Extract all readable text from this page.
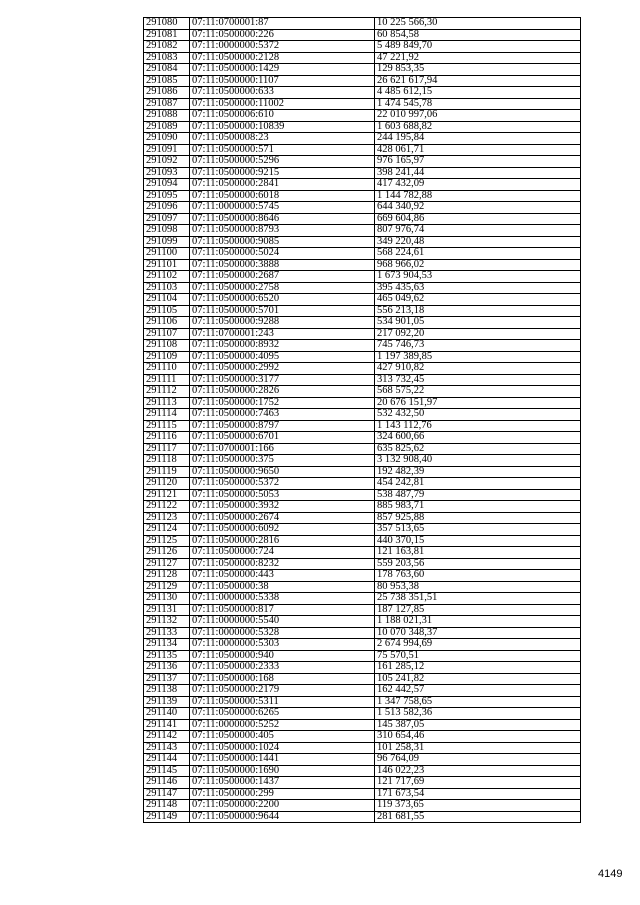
291080	07:11:0700001:87	10 225 566,30
291081	07:11:0500000:226	60 854,58
291082	07:11:0000000:5372	5 489 849,70
291083	07:11:0500000:2128	47 221,92
291084	07:11:0500000:1429	129 853,35
291085	07:11:0500000:1107	26 621 617,94
291086	07:11:0500000:633	4 485 612,15
291087	07:11:0500000:11002	1 474 545,78
291088	07:11:0500006:610	22 010 997,06
291089	07:11:0500000:10839	1 603 688,82
291090	07:11:0500008:23	244 195,84
291091	07:11:0500000:571	428 061,71
291092	07:11:0500000:5296	976 165,97
291093	07:11:0500000:9215	398 241,44
291094	07:11:0500000:2841	417 432,09
291095	07:11:0500000:6018	1 144 782,88
291096	07:11:0000000:5745	644 340,92
291097	07:11:0500000:8646	669 604,86
291098	07:11:0500000:8793	807 976,74
291099	07:11:0500000:9085	349 220,48
291100	07:11:0500000:5024	568 224,61
291101	07:11:0500000:3888	968 966,02
291102	07:11:0500000:2687	1 673 904,53
291103	07:11:0500000:2758	395 435,63
291104	07:11:0500000:6520	465 049,62
291105	07:11:0500000:5701	556 213,18
291106	07:11:0500000:9288	534 901,05
291107	07:11:0700001:243	217 092,20
291108	07:11:0500000:8932	745 746,73
291109	07:11:0500000:4095	1 197 389,85
291110	07:11:0500000:2992	427 910,82
291111	07:11:0500000:3177	313 732,45
291112	07:11:0500000:2826	568 575,22
291113	07:11:0500000:1752	20 676 151,97
291114	07:11:0500000:7463	532 432,50
291115	07:11:0500000:8797	1 143 112,76
291116	07:11:0500000:6701	324 600,66
291117	07:11:0700001:166	635 825,62
291118	07:11:0500000:375	3 132 908,40
291119	07:11:0500000:9650	192 482,39
291120	07:11:0500000:5372	454 242,81
291121	07:11:0500000:5053	538 487,79
291122	07:11:0500000:3932	885 983,71
291123	07:11:0500000:2674	857 925,88
291124	07:11:0500000:6092	357 513,65
291125	07:11:0500000:2816	440 370,15
291126	07:11:0500000:724	121 163,81
291127	07:11:0500000:8232	559 203,56
291128	07:11:0500000:443	178 763,60
291129	07:11:0500000:38	80 953,38
291130	07:11:0000000:5338	25 738 351,51
291131	07:11:0500000:817	187 127,85
291132	07:11:0000000:5540	1 188 021,31
291133	07:11:0000000:5328	10 070 348,37
291134	07:11:0000000:5303	2 674 994,69
291135	07:11:0500000:940	75 570,51
291136	07:11:0500000:2333	161 285,12
291137	07:11:0500000:168	105 241,82
291138	07:11:0500000:2179	162 442,57
291139	07:11:0500000:5311	1 347 758,65
291140	07:11:0500000:6265	1 513 582,36
291141	07:11:0000000:5252	145 387,05
291142	07:11:0500000:405	310 654,46
291143	07:11:0500000:1024	101 258,31
291144	07:11:0500000:1441	96 764,09
291145	07:11:0500000:1690	146 022,23
291146	07:11:0500000:1437	121 717,69
291147	07:11:0500000:299	171 673,54
291148	07:11:0500000:2200	119 373,65
291149	07:11:0500000:9644	281 681,55
4149
